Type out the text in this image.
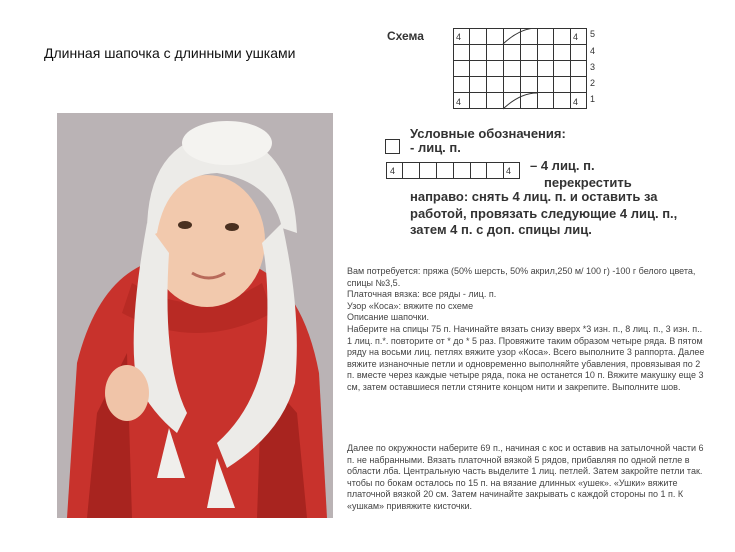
Длинная шапочка с длинными ушками
Схема	4	4
4	4
5
4
3
2
1
Условные обозначения:
- лиц. п.
4	4 – 4 лиц. п.
перекрестить
направо: снять 4 лиц. п. и оставить за работой, провязать следующие 4 лиц. п., затем 4 п. с доп. спицы лиц.

Вам потребуется: пряжа (50% шерсть, 50% акрил,250 м/ 100 г) -100 г белого цвета, спицы №3,5.

Платочная вязка: все ряды - лиц. п.

Узор «Коса»: вяжите по схеме

Описание шапочки.

Наберите на спицы 75 п. Начинайте вязать снизу вверх *3 изн. п., 8 лиц. п., 3 изн. п.. 1 лиц. п.*. повторите от * до * 5 раз. Провяжите таким образом четыре ряда. В пятом ряду на восьми лиц. петлях вяжите узор «Коса». Всего выполните 3 раппорта. Далее вяжите изнаночные петли и одновременно выполняйте убавления, провязывая по 2 п. вместе через каждые четыре ряда, пока не останется 10 п. Вяжите макушку еще 3 см, затем оставшиеся петли стяните концом нити и закрепите. Выполните шов.

Далее по окружности наберите 69 п., начиная с кос и оставив на затылочной части 6 п. не набранными. Вязать платочной вязкой 5 рядов, прибавляя по одной петле в области лба. Центральную часть выделите 1 лиц. петлей. Затем закройте петли так. чтобы по бокам осталось по 15 п. на вязание длинных «ушек». «Ушки» вяжите платочной вязкой 20 см. Затем начинайте закрывать с каждой стороны по 1 п. К «ушкам» привяжите кисточки.
